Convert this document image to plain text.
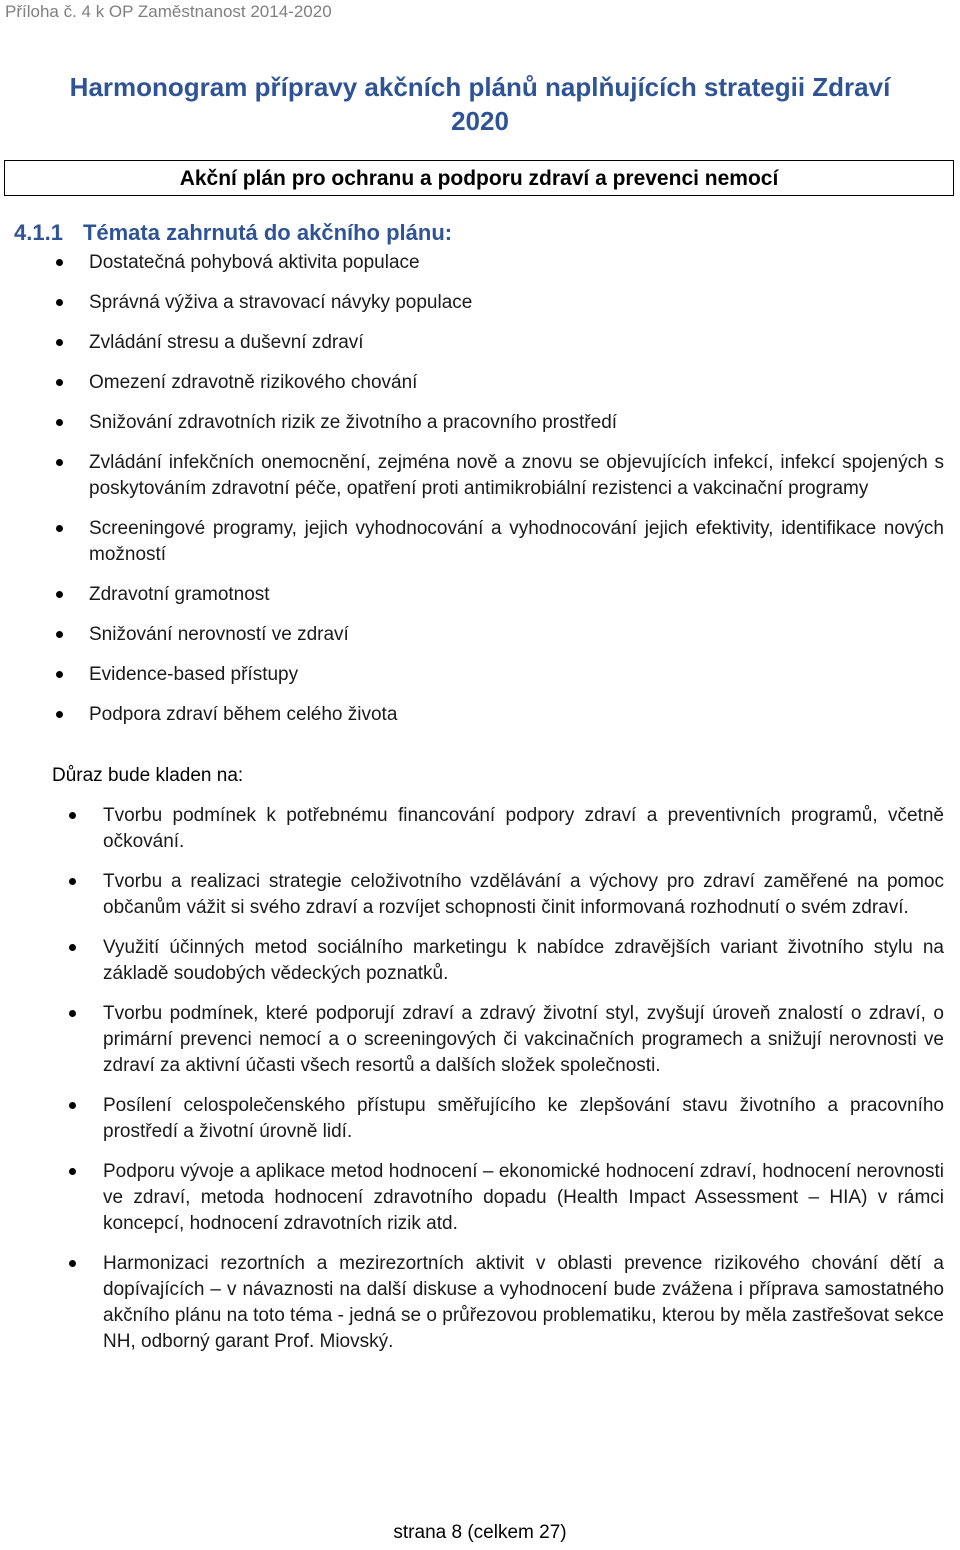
Příloha č. 4 k OP Zaměstnanost 2014-2020
Harmonogram přípravy akčních plánů naplňujících strategii Zdraví
2020
Akční plán pro ochranu a podporu zdraví a prevenci nemocí
4.1.1 Témata zahrnutá do akčního plánu:
Dostatečná pohybová aktivita populace
Správná výživa a stravovací návyky populace
Zvládání stresu a duševní zdraví
Omezení zdravotně rizikového chování
Snižování zdravotních rizik ze životního a pracovního prostředí
Zvládání infekčních onemocnění, zejména nově a znovu se objevujících infekcí, infekcí spojených s poskytováním zdravotní péče, opatření proti antimikrobiální rezistenci a vakcinační programy
Screeningové programy, jejich vyhodnocování a vyhodnocování jejich efektivity, identifikace nových možností
Zdravotní gramotnost
Snižování nerovností ve zdraví
Evidence-based přístupy
Podpora zdraví během celého života
Důraz bude kladen na:
Tvorbu podmínek k potřebnému financování podpory zdraví a preventivních programů, včetně očkování.
Tvorbu a realizaci strategie celoživotního vzdělávání a výchovy pro zdraví zaměřené na pomoc občanům vážit si svého zdraví a rozvíjet schopnosti činit informovaná rozhodnutí o svém zdraví.
Využití účinných metod sociálního marketingu k nabídce zdravějších variant životního stylu na základě soudobých vědeckých poznatků.
Tvorbu podmínek, které podporují zdraví a zdravý životní styl, zvyšují úroveň znalostí o zdraví, o primární prevenci nemocí a o screeningových či vakcinačních programech a snižují nerovnosti ve zdraví za aktivní účasti všech resortů a dalších složek společnosti.
Posílení celospolečenského přístupu směřujícího ke zlepšování stavu životního a pracovního prostředí a životní úrovně lidí.
Podporu vývoje a aplikace metod hodnocení – ekonomické hodnocení zdraví, hodnocení nerovnosti ve zdraví, metoda hodnocení zdravotního dopadu (Health Impact Assessment – HIA) v rámci koncepcí, hodnocení zdravotních rizik atd.
Harmonizaci rezortních a mezirezortních aktivit v oblasti prevence rizikového chování dětí a dopívajících – v návaznosti na další diskuse a vyhodnocení bude zvážena i příprava samostatného akčního plánu na toto téma - jedná se o průřezovou problematiku, kterou by měla zastřešovat sekce NH, odborný garant Prof. Miovský.
strana 8 (celkem 27)
